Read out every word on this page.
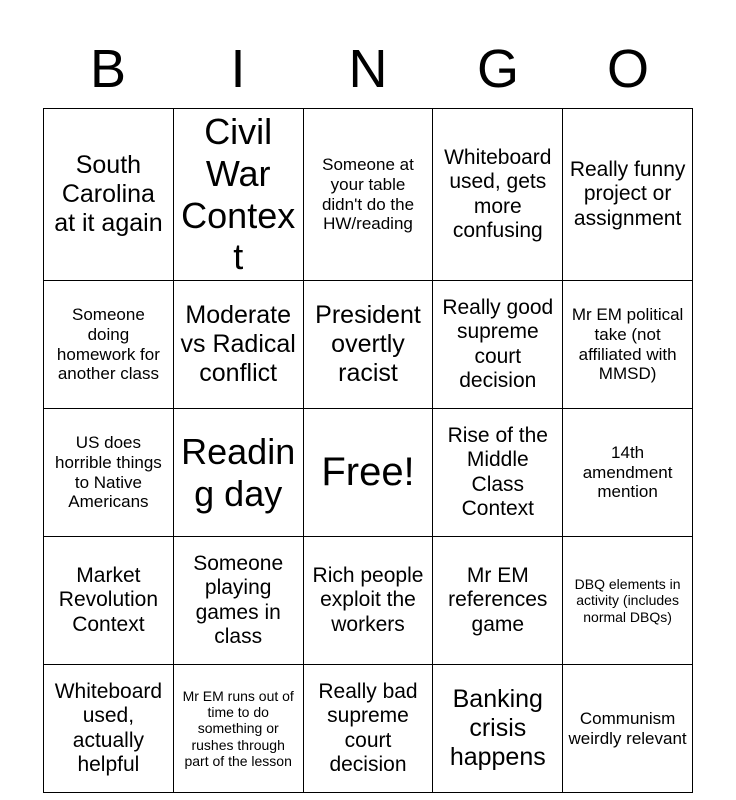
B	I	N	G	O
South Carolina at it again	Civil War Context	Someone at your table didn't do the HW/reading	Whiteboard used, gets more confusing	Really funny project or assignment
Someone doing homework for another class	Moderate vs Radical conflict	President overtly racist	Really good supreme court decision	Mr EM political take (not affiliated with MMSD)
US does horrible things to Native Americans	Reading day	Free!	Rise of the Middle Class Context	14th amendment mention
Market Revolution Context	Someone playing games in class	Rich people exploit the workers	Mr EM references game	DBQ elements in activity (includes normal DBQs)
Whiteboard used, actually helpful	Mr EM runs out of time to do something or rushes through part of the lesson	Really bad supreme court decision	Banking crisis happens	Communism weirdly relevant
